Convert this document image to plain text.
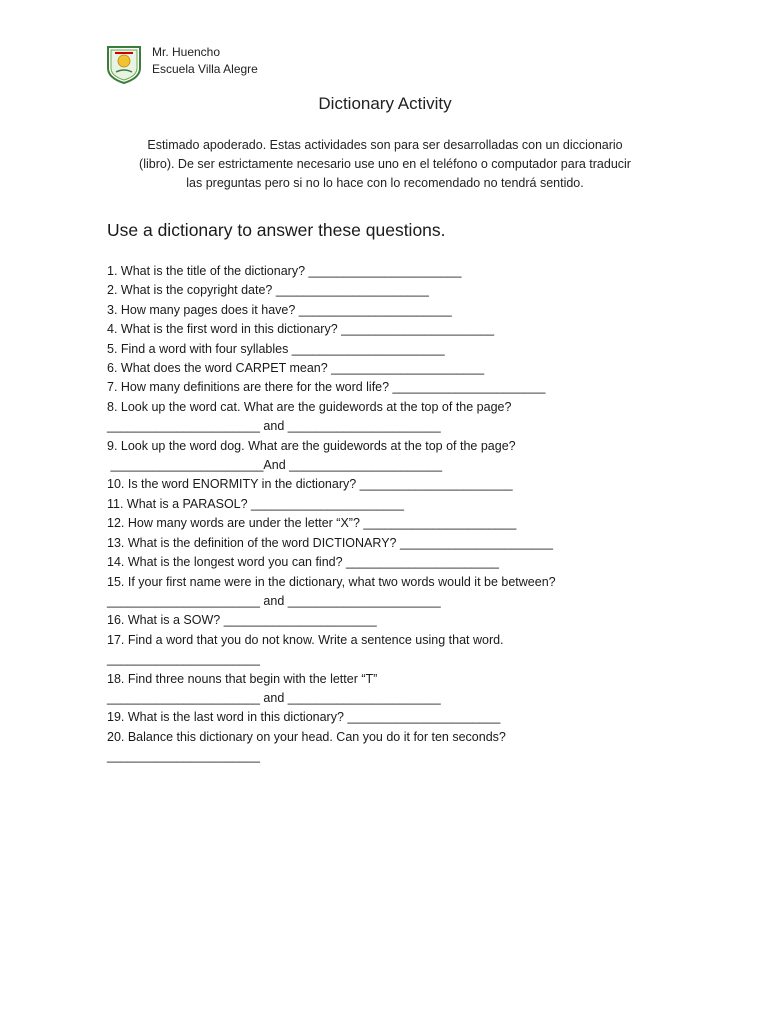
Mr. Huencho
Escuela Villa Alegre
Dictionary Activity
Estimado apoderado. Estas actividades son para ser desarrolladas con un diccionario
(libro). De ser estrictamente necesario use uno en el teléfono o computador para traducir
las preguntas pero si no lo hace con lo recomendado no tendrá sentido.
Use a dictionary to answer these questions.
1. What is the title of the dictionary? ______________________
2. What is the copyright date? ______________________
3. How many pages does it have? ______________________
4. What is the first word in this dictionary? ______________________
5. Find a word with four syllables ______________________
6. What does the word CARPET mean? ______________________
7. How many definitions are there for the word life? ______________________
8. Look up the word cat. What are the guidewords at the top of the page?
______________________ and ______________________
9. Look up the word dog. What are the guidewords at the top of the page?
______________________And ______________________
10. Is the word ENORMITY in the dictionary? ______________________
11. What is a PARASOL? ______________________
12. How many words are under the letter “X”? ______________________
13. What is the definition of the word DICTIONARY? ______________________
14. What is the longest word you can find? ______________________
15. If your first name were in the dictionary, what two words would it be between?
______________________ and ______________________
16. What is a SOW? ______________________
17. Find a word that you do not know. Write a sentence using that word.
______________________
18. Find three nouns that begin with the letter “T”
______________________ and ______________________
19. What is the last word in this dictionary? ______________________
20. Balance this dictionary on your head. Can you do it for ten seconds?
______________________
